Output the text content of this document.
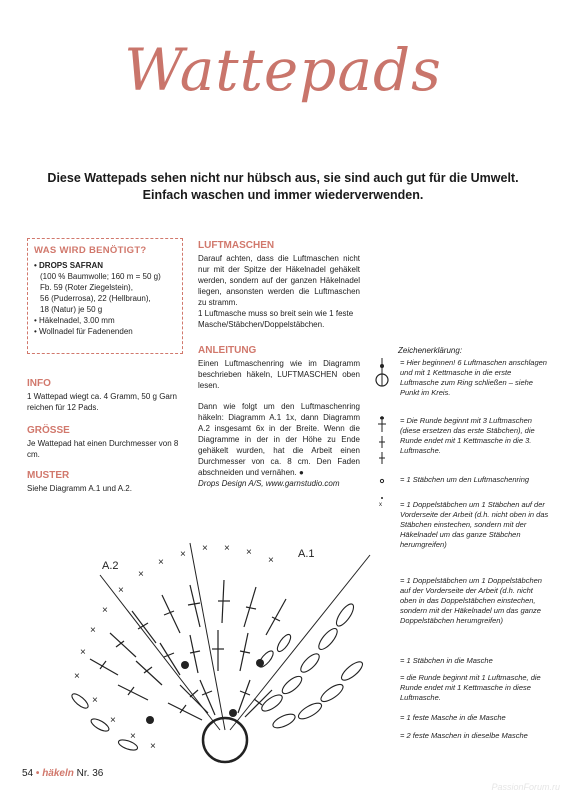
Wattepads
Diese Wattepads sehen nicht nur hübsch aus, sie sind auch gut für die Umwelt.
Einfach waschen und immer wiederverwenden.
WAS WIRD BENÖTIGT?
• DROPS SAFRAN
(100 % Baumwolle; 160 m = 50 g)
Fb. 59 (Roter Ziegelstein),
56 (Puderrosa), 22 (Hellbraun),
18 (Natur) je 50 g
• Häkelnadel, 3.00 mm
• Wollnadel für Fadenenden
INFO
1 Wattepad wiegt ca. 4 Gramm, 50 g Garn reichen für 12 Pads.
GRÖSSE
Je Wattepad hat einen Durchmesser von 8 cm.
MUSTER
Siehe Diagramm A.1 und A.2.
LUFTMASCHEN
Darauf achten, dass die Luftmaschen nicht nur mit der Spitze der Häkelnadel gehäkelt werden, sondern auf der ganzen Häkelnadel liegen, ansonsten werden die Luftmaschen zu stramm.
1 Luftmasche muss so breit sein wie 1 feste Masche/Stäbchen/Doppelstäbchen.
ANLEITUNG
Einen Luftmaschenring wie im Diagramm beschrieben häkeln, LUFTMASCHEN oben lesen.
Dann wie folgt um den Luftmaschenring häkeln: Diagramm A.1 1x, dann Diagramm A.2 insgesamt 6x in der Breite. Wenn die Diagramme in der in der Höhe zu Ende gehäkelt wurden, hat die Arbeit einen Durchmesser von ca. 8 cm. Den Faden abschneiden und vernähen. ●
Drops Design A/S, www.garnstudio.com
Zeichenerklärung:
x
= Hier beginnen! 6 Luftmaschen anschlagen und mit 1 Kettmasche in die erste Luftmasche zum Ring schließen – siehe Punkt im Kreis.
= Die Runde beginnt mit 3 Luftmaschen (diese ersetzen das erste Stäbchen), die Runde endet mit 1 Kettmasche in die 3. Luftmasche.
= 1 Stäbchen um den Luftmaschenring
= 1 Doppelstäbchen um 1 Stäbchen auf der Vorderseite der Arbeit (d.h. nicht oben in das Stäbchen einstechen, sondern mit der Häkelnadel um das ganze Stäbchen herumgreifen)
= 1 Doppelstäbchen um 1 Doppelstäbchen auf der Vorderseite der Arbeit (d.h. nicht oben in das Doppelstäbchen einstechen, sondern mit der Häkelnadel um das ganze Doppelstäbchen herumgreifen)
= 1 Stäbchen in die Masche
= die Runde beginnt mit 1 Luftmasche, die Runde endet mit 1 Kettmasche in diese Luftmasche.
= 1 feste Masche in die Masche
= 2 feste Maschen in dieselbe Masche
A.2
A.1
×
×
×
×
×
×
×
× × ×
×
×
×
×
×
×
54 • häkeln Nr. 36
PassionForum.ru
